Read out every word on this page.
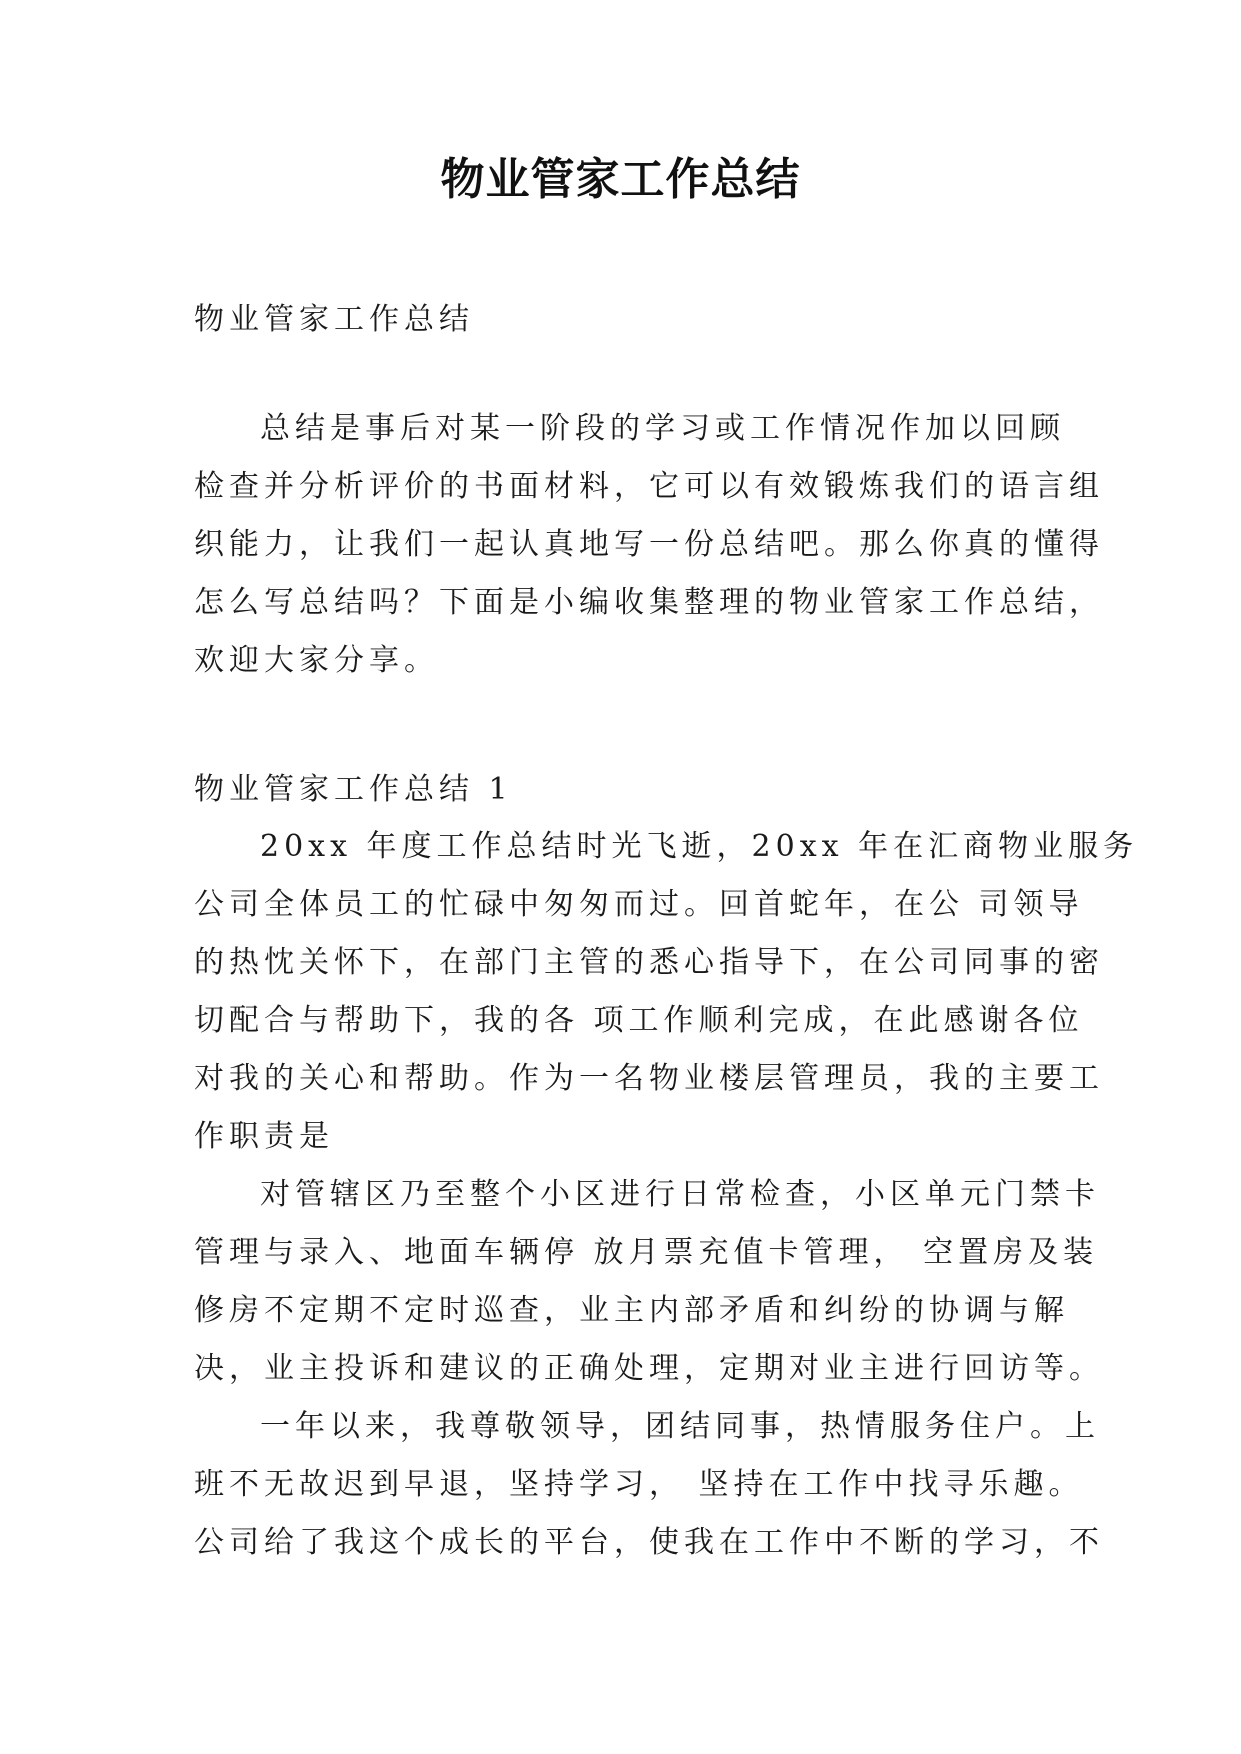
物业管家工作总结
物业管家工作总结
总结是事后对某一阶段的学习或工作情况作加以回顾
检查并分析评价的书面材料，它可以有效锻炼我们的语言组
织能力，让我们一起认真地写一份总结吧。那么你真的懂得
怎么写总结吗？下面是小编收集整理的物业管家工作总结，
欢迎大家分享。
物业管家工作总结 1
20xx 年度工作总结时光飞逝，20xx 年在汇商物业服务
公司全体员工的忙碌中匆匆而过。回首蛇年，在公 司领导
的热忱关怀下，在部门主管的悉心指导下，在公司同事的密
切配合与帮助下，我的各 项工作顺利完成，在此感谢各位
对我的关心和帮助。作为一名物业楼层管理员，我的主要工
作职责是
对管辖区乃至整个小区进行日常检查，小区单元门禁卡
管理与录入、地面车辆停 放月票充值卡管理， 空置房及装
修房不定期不定时巡查，业主内部矛盾和纠纷的协调与解
决，业主投诉和建议的正确处理，定期对业主进行回访等。
一年以来，我尊敬领导，团结同事，热情服务住户。上
班不无故迟到早退，坚持学习， 坚持在工作中找寻乐趣。
公司给了我这个成长的平台，使我在工作中不断的学习，不
